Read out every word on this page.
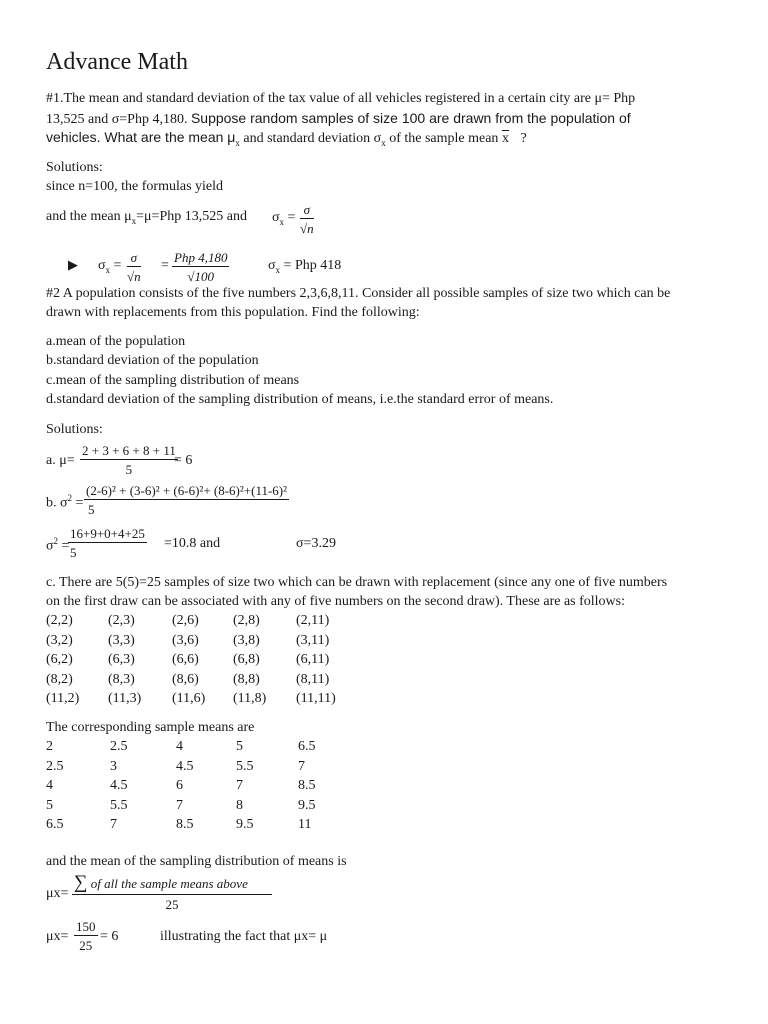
Advance Math
#1.The mean and standard deviation of the tax value of all vehicles registered in a certain city are μ= Php
13,525 and σ=Php 4,180. Suppose random samples of size 100 are drawn from the population of
vehicles. What are the mean $\mu_x$ and standard deviation $\sigma_x$ of the sample mean $\overline{x}$ ?
Solutions:
since n=100, the formulas yield
and the mean $\mu_x=\mu=Php$ 13,525 and $\sigma_x = \frac{\sigma}{√n}$
▶ $\sigma_x = \frac{\sigma}{√n}$ =
Php 4,180
√100
$\sigma_x$ = Php 418
#2 A population consists of the five numbers 2,3,6,8,11. Consider all possible samples of size two which can be
drawn with replacements from this population. Find the following:
a.mean of the population
b.standard deviation of the population
c.mean of the sampling distribution of means
d.standard deviation of the sampling distribution of means, i.e.the standard error of means.
Solutions:
a. $\mu= \frac{2 + 3 + 6 + 8 + 11}{5}$
= 6
b. $\sigma^2 = \frac{\text{(2-6)² + (3-6)² + (6-6)²+ (8-6)²+(11-6)²}}{5}$
$\sigma^2$ =
$\frac{16+9+0+4+25}{5} =10.8$ and	σ=3.29
c. There are 5(5)=25 samples of size two which can be drawn with replacement (since any one of five numbers
on the first draw can be associated with any of five numbers on the second draw). These are as follows:
(2,2)	(2,3)	(2,6) (2,8)	(2,11)
(3,2)	(3,3)	(3,6) (3,8)	(3,11)
(6,2)	(6,3)	(6,6) (6,8)	(6,11)
(8,2)	(8,3)	(8,6) (8,8)	(8,11)
(11,2) (11,3) (11,6) (11,8) (11,11)
The corresponding sample means are
2	2.5	4	5	6.5
2.5	3	4.5	5.5	7
4	4.5	6	7	8.5
5	5.5	7	8	9.5
6.5	7	8.5	9.5	11
and the mean of the sampling distribution of means is
μx=
∑ of all the sample means above
25
$\mu x= \frac{150}{25} = 6$	illustrating the fact that μx= μ
